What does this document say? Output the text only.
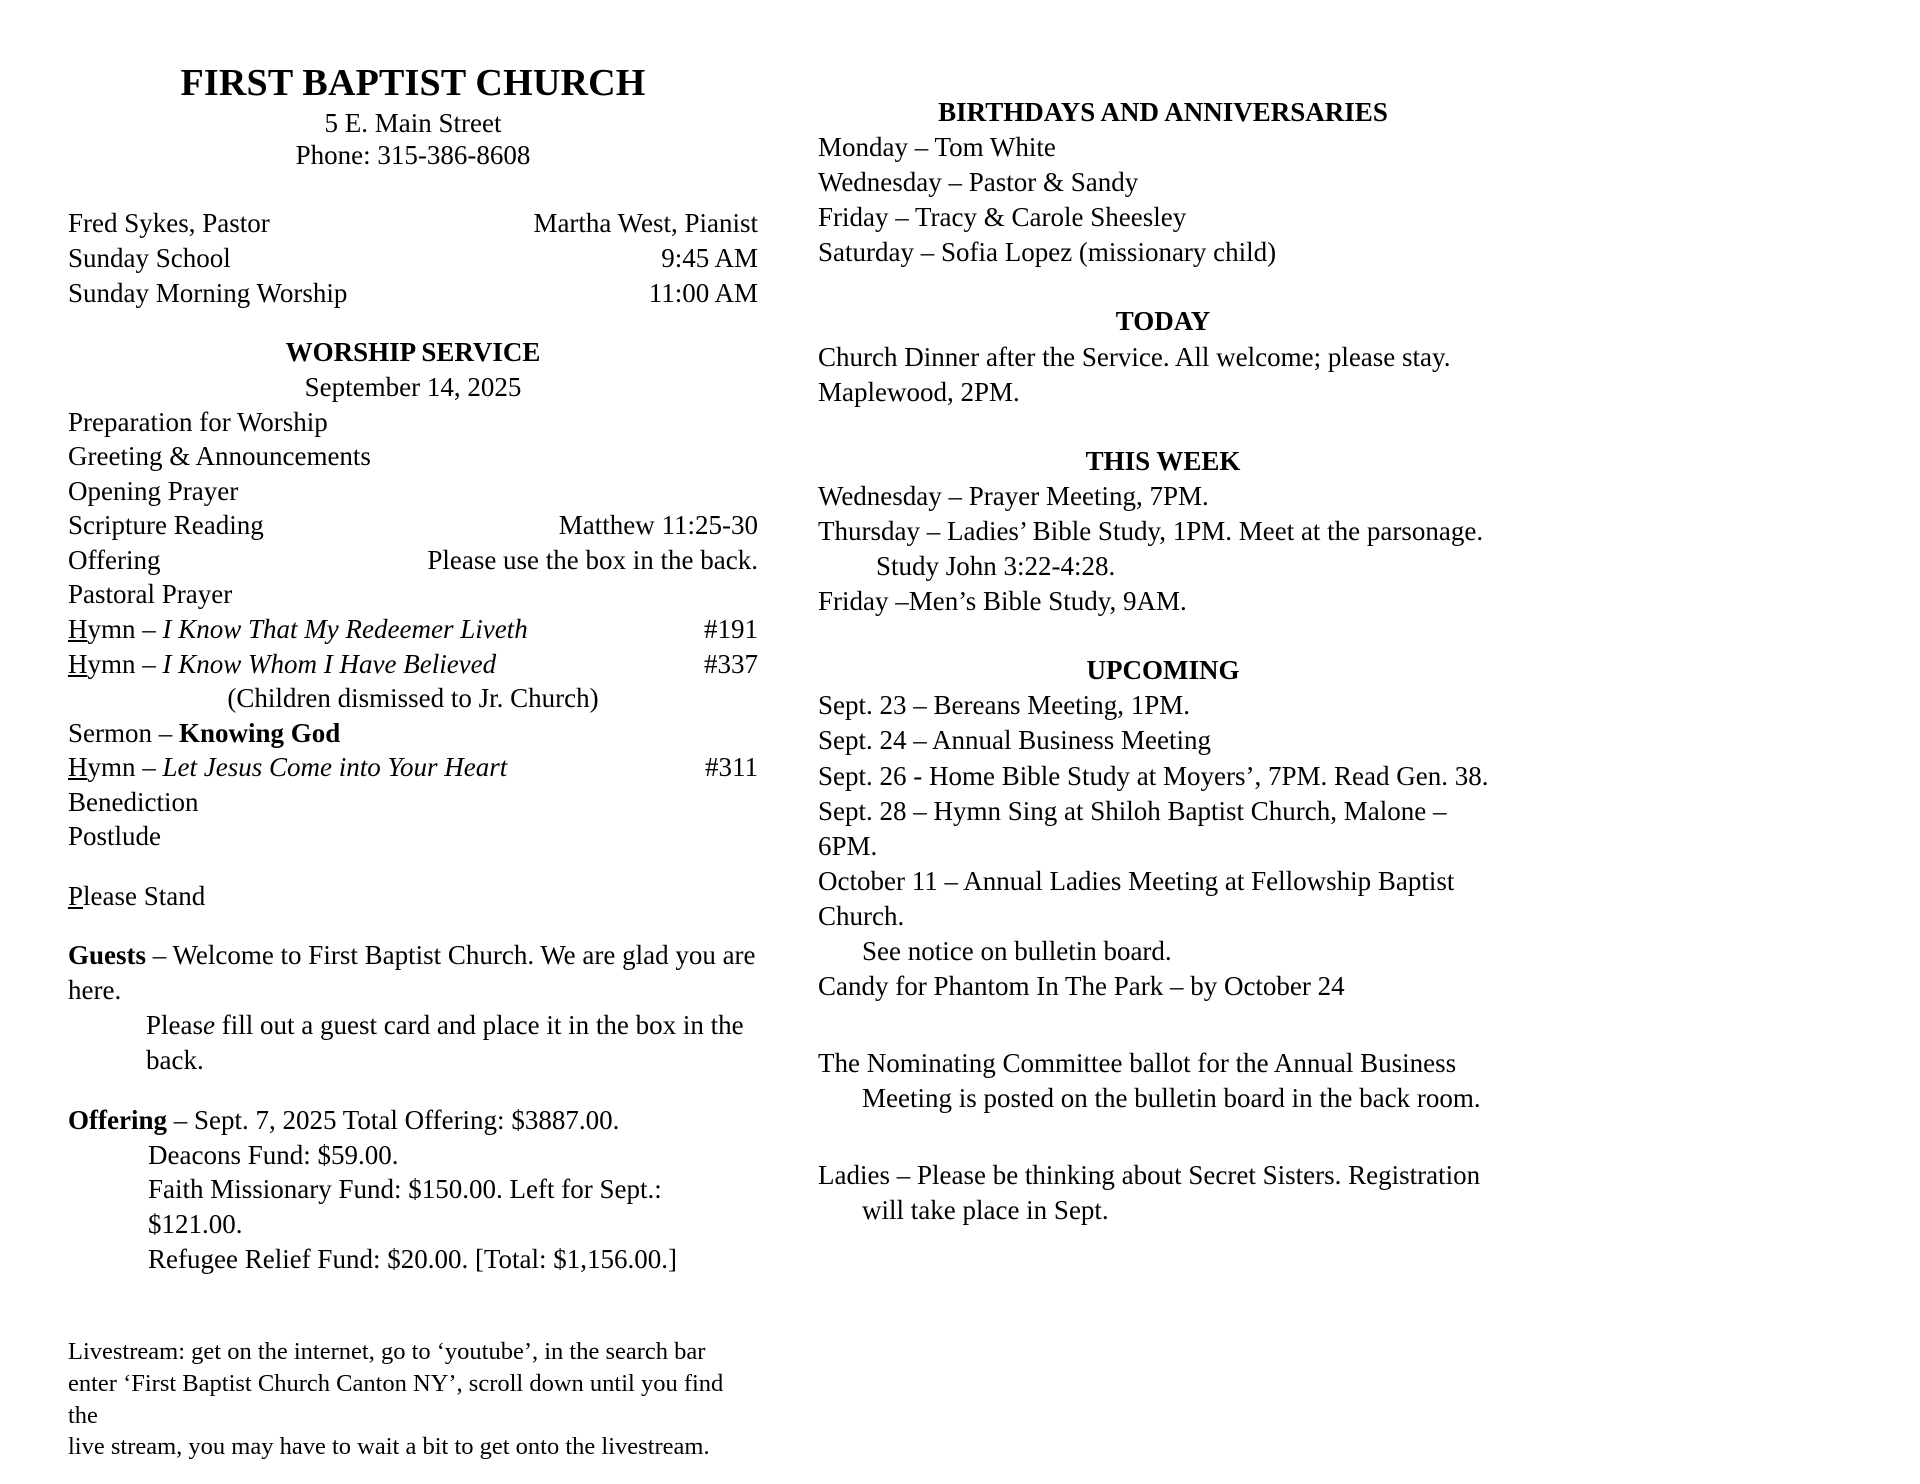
FIRST BAPTIST CHURCH
5 E. Main Street
Phone: 315-386-8608
Fred Sykes, Pastor	Martha West, Pianist
Sunday School	9:45 AM
Sunday Morning Worship	11:00 AM
WORSHIP SERVICE
September 14, 2025
Preparation for Worship
Greeting & Announcements
Opening Prayer
Scripture Reading	Matthew 11:25-30
Offering	Please use the box in the back.
Pastoral Prayer
Hymn – I Know That My Redeemer Liveth	#191
Hymn – I Know Whom I Have Believed	#337
(Children dismissed to Jr. Church)
Sermon – Knowing God
Hymn – Let Jesus Come into Your Heart	#311
Benediction
Postlude
Please Stand
Guests – Welcome to First Baptist Church. We are glad you are here.
Please fill out a guest card and place it in the box in the back.
Offering – Sept. 7, 2025 Total Offering: $3887.00.
Deacons Fund: $59.00.
Faith Missionary Fund: $150.00. Left for Sept.: $121.00.
Refugee Relief Fund: $20.00. [Total: $1,156.00.]
Livestream: get on the internet, go to ‘youtube’, in the search bar
enter ‘First Baptist Church Canton NY’, scroll down until you find the
live stream, you may have to wait a bit to get onto the livestream.
BIRTHDAYS AND ANNIVERSARIES
Monday – Tom White
Wednesday – Pastor & Sandy
Friday – Tracy & Carole Sheesley
Saturday – Sofia Lopez (missionary child)
TODAY
Church Dinner after the Service. All welcome; please stay.
Maplewood, 2PM.
THIS WEEK
Wednesday – Prayer Meeting, 7PM.
Thursday – Ladies’ Bible Study, 1PM. Meet at the parsonage.
Study John 3:22-4:28.
Friday –Men’s Bible Study, 9AM.
UPCOMING
Sept. 23 – Bereans Meeting, 1PM.
Sept. 24 – Annual Business Meeting
Sept. 26 - Home Bible Study at Moyers’, 7PM. Read Gen. 38.
Sept. 28 – Hymn Sing at Shiloh Baptist Church, Malone – 6PM.
October 11 – Annual Ladies Meeting at Fellowship Baptist Church.
See notice on bulletin board.
Candy for Phantom In The Park – by October 24
The Nominating Committee ballot for the Annual Business
Meeting is posted on the bulletin board in the back room.
Ladies – Please be thinking about Secret Sisters. Registration
will take place in Sept.
